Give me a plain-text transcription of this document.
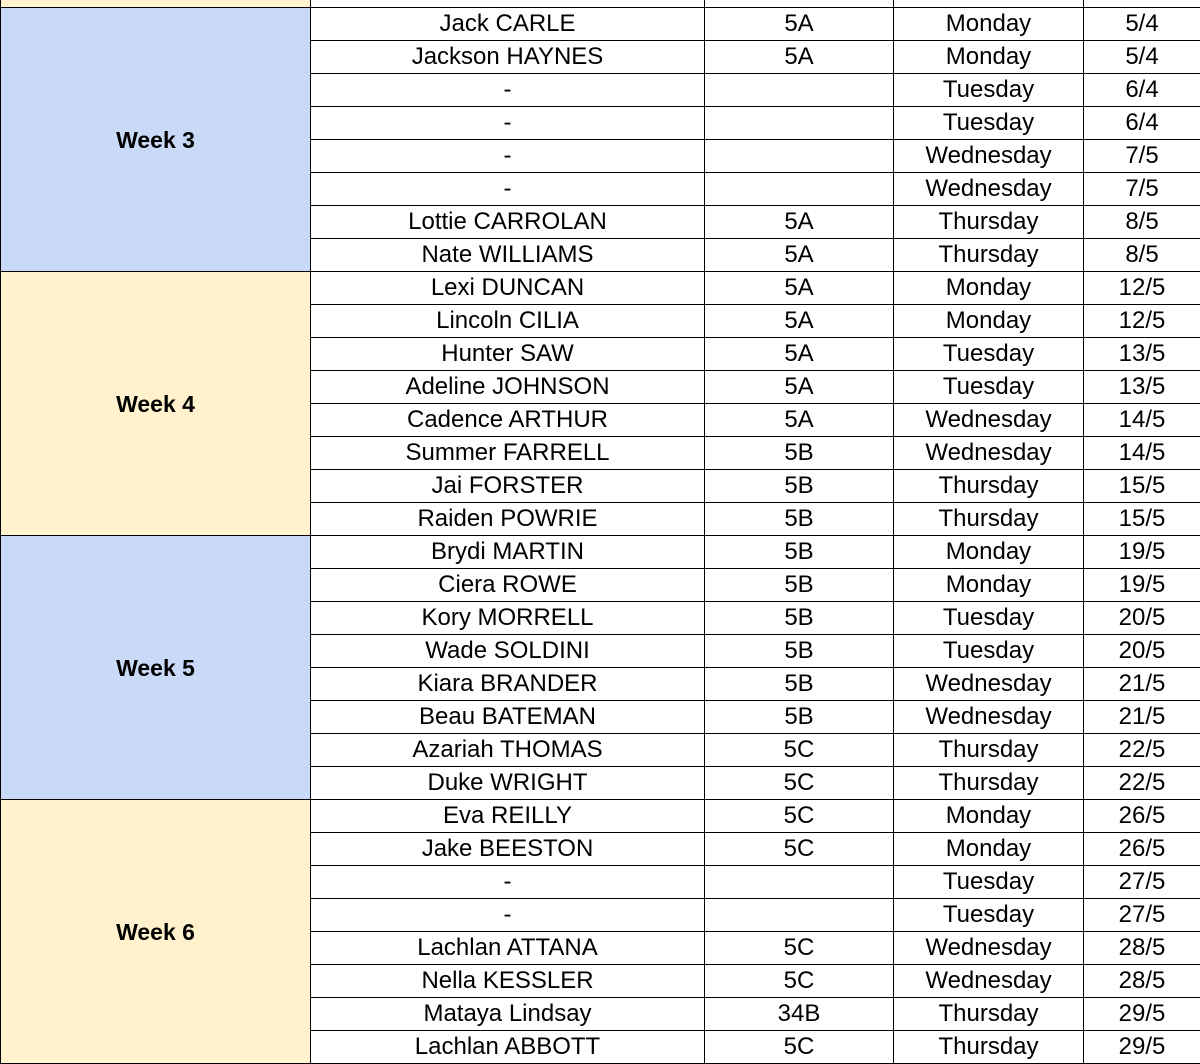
Week 3	Jack CARLE	5A	Monday	5/4
	Jackson HAYNES	5A	Monday	5/4
	-		Tuesday	6/4
	-		Tuesday	6/4
	-		Wednesday	7/5
	-		Wednesday	7/5
	Lottie CARROLAN	5A	Thursday	8/5
	Nate WILLIAMS	5A	Thursday	8/5
Week 4	Lexi DUNCAN	5A	Monday	12/5
	Lincoln CILIA	5A	Monday	12/5
	Hunter SAW	5A	Tuesday	13/5
	Adeline JOHNSON	5A	Tuesday	13/5
	Cadence ARTHUR	5A	Wednesday	14/5
	Summer FARRELL	5B	Wednesday	14/5
	Jai FORSTER	5B	Thursday	15/5
	Raiden POWRIE	5B	Thursday	15/5
Week 5	Brydi MARTIN	5B	Monday	19/5
	Ciera ROWE	5B	Monday	19/5
	Kory MORRELL	5B	Tuesday	20/5
	Wade SOLDINI	5B	Tuesday	20/5
	Kiara BRANDER	5B	Wednesday	21/5
	Beau BATEMAN	5B	Wednesday	21/5
	Azariah THOMAS	5C	Thursday	22/5
	Duke WRIGHT	5C	Thursday	22/5
Week 6	Eva REILLY	5C	Monday	26/5
	Jake BEESTON	5C	Monday	26/5
	-		Tuesday	27/5
	-		Tuesday	27/5
	Lachlan ATTANA	5C	Wednesday	28/5
	Nella KESSLER	5C	Wednesday	28/5
	Mataya Lindsay	34B	Thursday	29/5
	Lachlan ABBOTT	5C	Thursday	29/5
